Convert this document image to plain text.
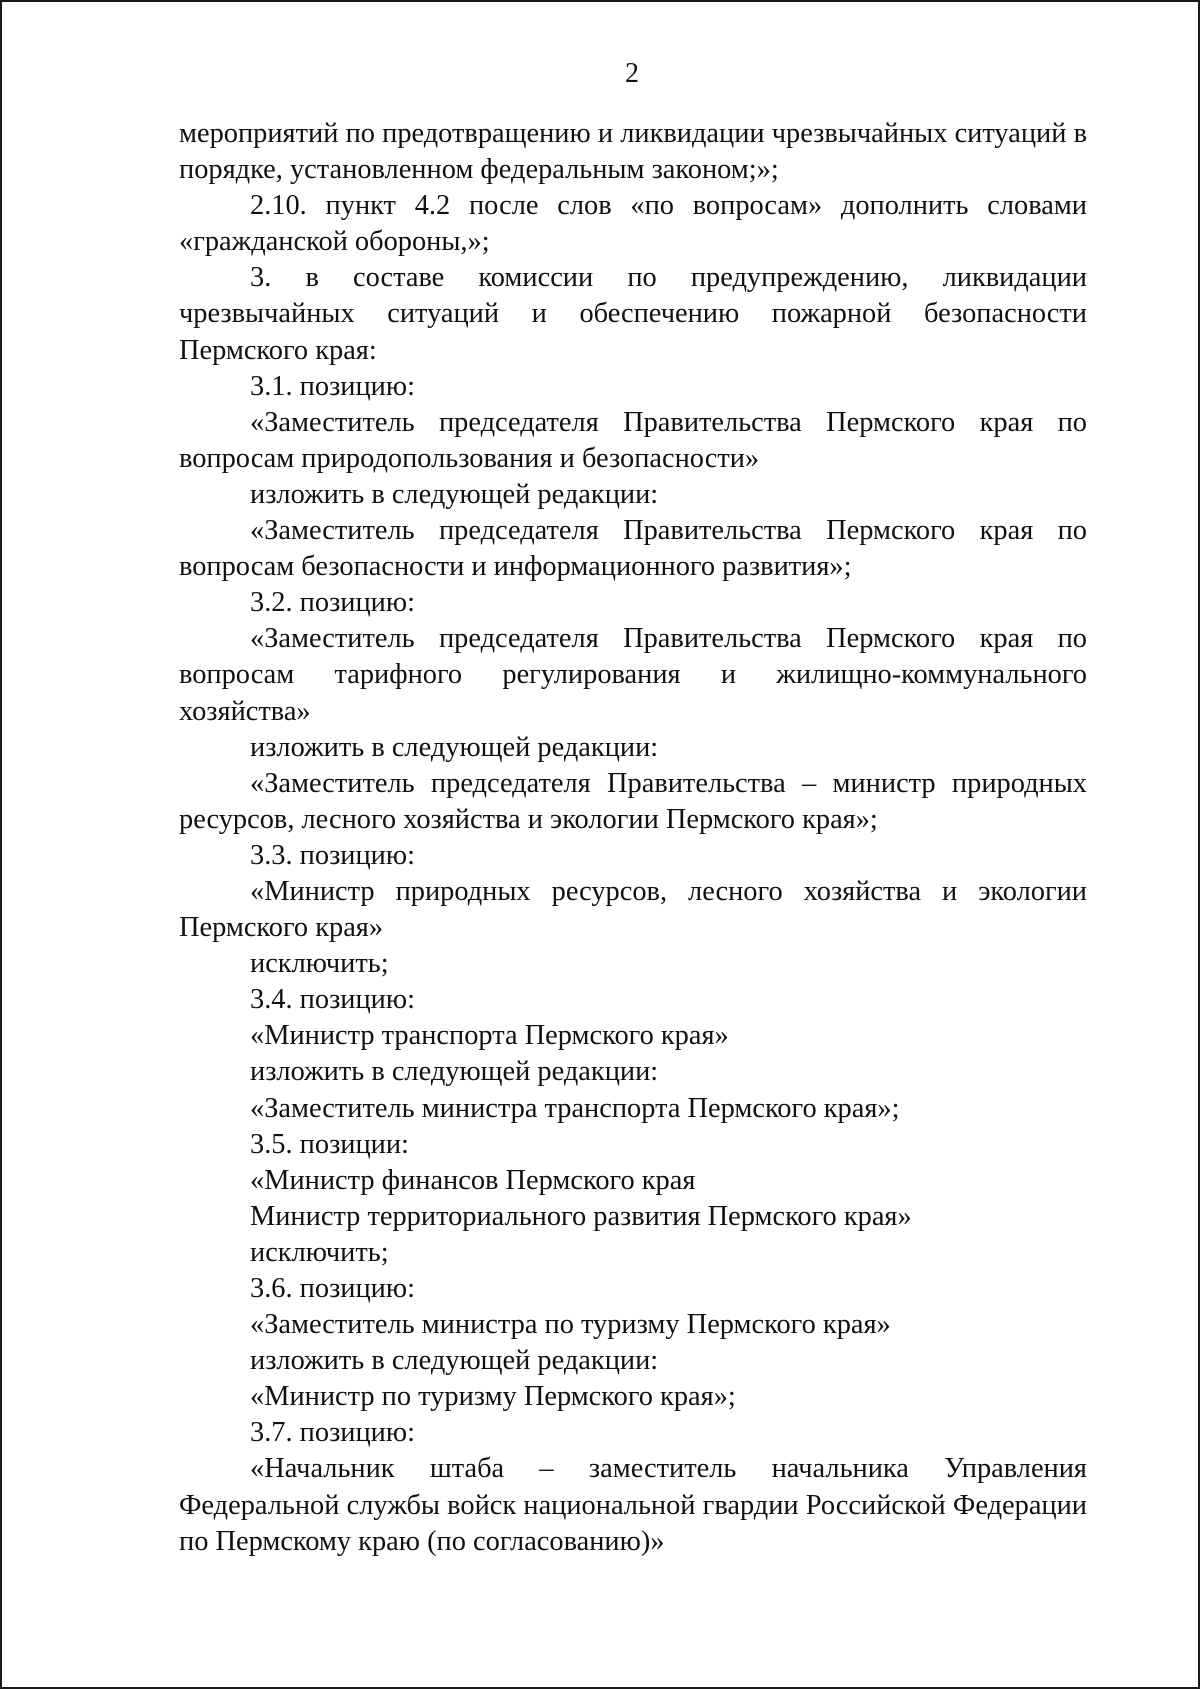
2

мероприятий по предотвращению и ликвидации чрезвычайных ситуаций в порядке, установленном федеральным законом;»;

2.10. пункт 4.2 после слов «по вопросам» дополнить словами «гражданской обороны,»;

3. в составе комиссии по предупреждению, ликвидации чрезвычайных ситуаций и обеспечению пожарной безопасности Пермского края:

3.1. позицию:

«Заместитель председателя Правительства Пермского края по вопросам природопользования и безопасности»

изложить в следующей редакции:

«Заместитель председателя Правительства Пермского края по вопросам безопасности и информационного развития»;

3.2. позицию:

«Заместитель председателя Правительства Пермского края по вопросам тарифного регулирования и жилищно-коммунального хозяйства»

изложить в следующей редакции:

«Заместитель председателя Правительства – министр природных ресурсов, лесного хозяйства и экологии Пермского края»;

3.3. позицию:

«Министр природных ресурсов, лесного хозяйства и экологии Пермского края»

исключить;

3.4. позицию:

«Министр транспорта Пермского края»

изложить в следующей редакции:

«Заместитель министра транспорта Пермского края»;

3.5. позиции:

«Министр финансов Пермского края

Министр территориального развития Пермского края»

исключить;

3.6. позицию:

«Заместитель министра по туризму Пермского края»

изложить в следующей редакции:

«Министр по туризму Пермского края»;

3.7. позицию:

«Начальник штаба – заместитель начальника Управления Федеральной службы войск национальной гвардии Российской Федерации по Пермскому краю (по согласованию)»
